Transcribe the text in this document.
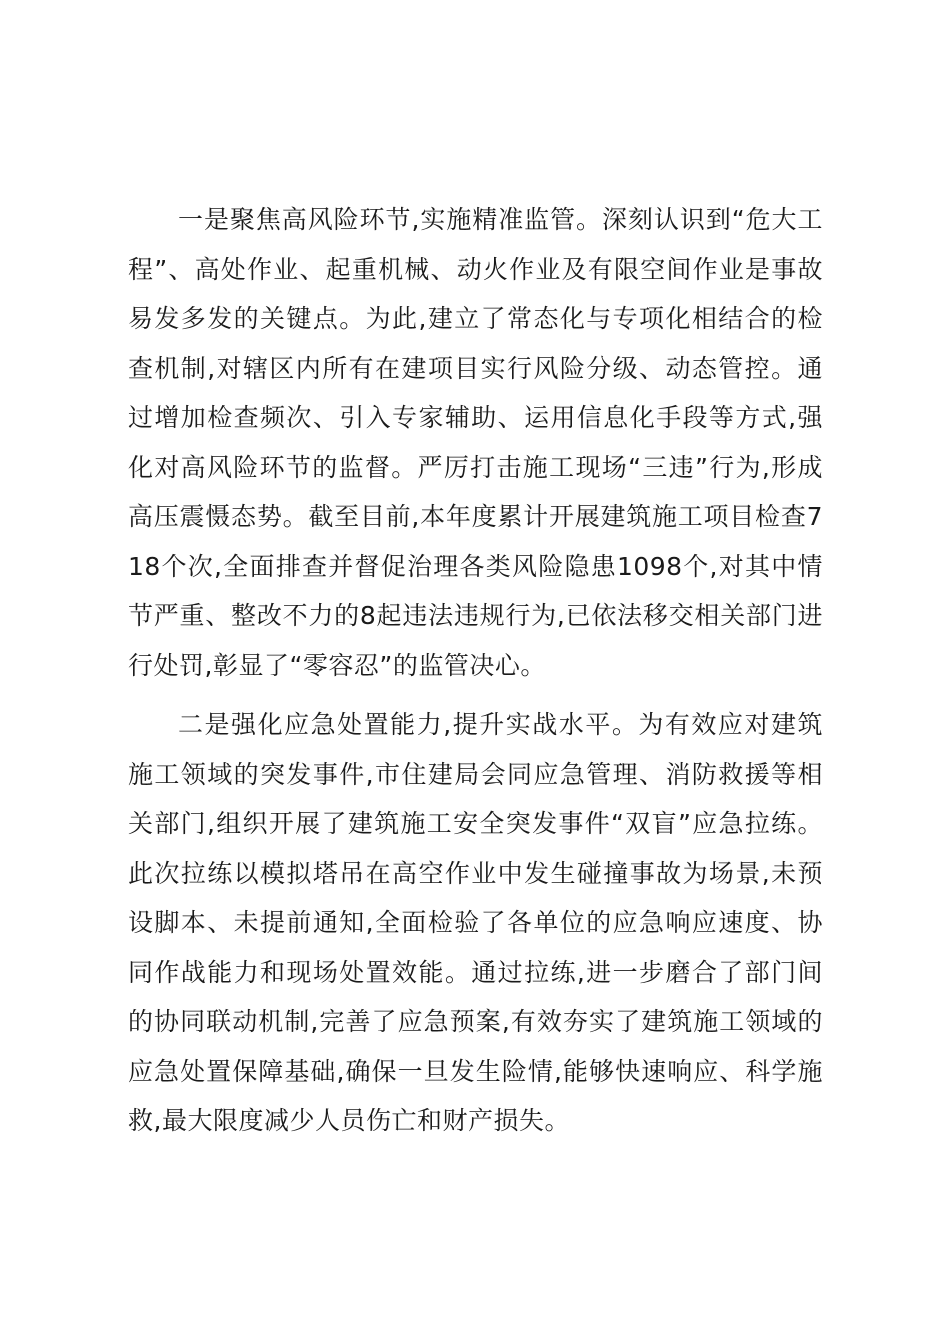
一是聚焦高风险环节,实施精准监管。深刻认识到“危大工程”、高处作业、起重机械、动火作业及有限空间作业是事故易发多发的关键点。为此,建立了常态化与专项化相结合的检查机制,对辖区内所有在建项目实行风险分级、动态管控。通过增加检查频次、引入专家辅助、运用信息化手段等方式,强化对高风险环节的监督。严厉打击施工现场“三违”行为,形成高压震慑态势。截至目前,本年度累计开展建筑施工项目检查718个次,全面排查并督促治理各类风险隐患1098个,对其中情节严重、整改不力的8起违法违规行为,已依法移交相关部门进行处罚,彰显了“零容忍”的监管决心。

二是强化应急处置能力,提升实战水平。为有效应对建筑施工领域的突发事件,市住建局会同应急管理、消防救援等相关部门,组织开展了建筑施工安全突发事件“双盲”应急拉练。此次拉练以模拟塔吊在高空作业中发生碰撞事故为场景,未预设脚本、未提前通知,全面检验了各单位的应急响应速度、协同作战能力和现场处置效能。通过拉练,进一步磨合了部门间的协同联动机制,完善了应急预案,有效夯实了建筑施工领域的应急处置保障基础,确保一旦发生险情,能够快速响应、科学施救,最大限度减少人员伤亡和财产损失。
